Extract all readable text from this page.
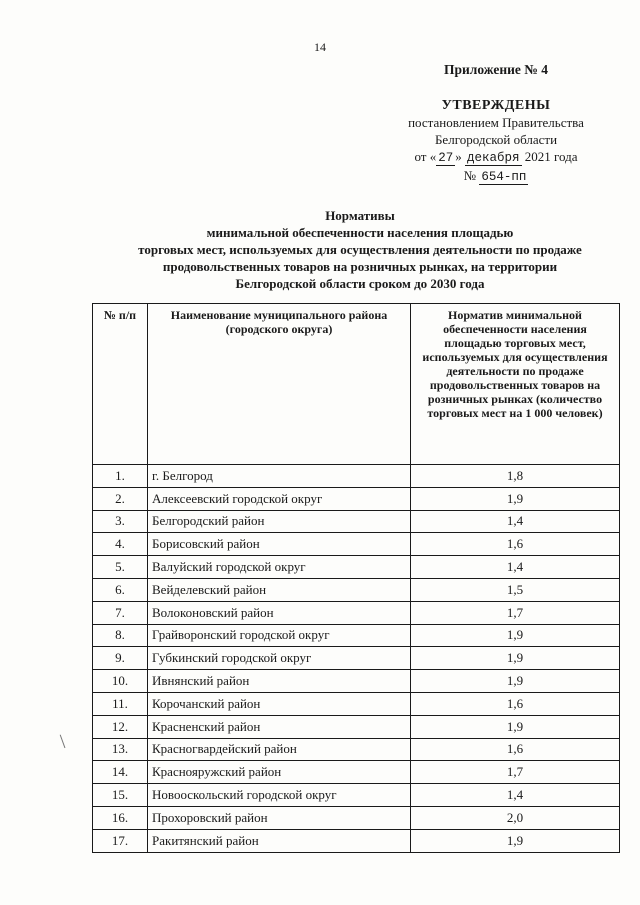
14
Приложение № 4
УТВЕРЖДЕНЫ
постановлением Правительства
Белгородской области
от « 27 » декабря 2021 года
№ 654-пп
Нормативы
минимальной обеспеченности населения площадью
торговых мест, используемых для осуществления деятельности по продаже
продовольственных товаров на розничных рынках, на территории
Белгородской области сроком до 2030 года
№ п/п	Наименование муниципального района (городского округа)	Норматив минимальной обеспеченности населения площадью торговых мест, используемых для осуществления деятельности по продаже продовольственных товаров на розничных рынках (количество торговых мест на 1 000 человек)
1.	г. Белгород	1,8
2.	Алексеевский городской округ	1,9
3.	Белгородский район	1,4
4.	Борисовский район	1,6
5.	Валуйский городской округ	1,4
6.	Вейделевский район	1,5
7.	Волоконовский район	1,7
8.	Грайворонский городской округ	1,9
9.	Губкинский городской округ	1,9
10.	Ивнянский район	1,9
11.	Корочанский район	1,6
12.	Красненский район	1,9
13.	Красногвардейский район	1,6
14.	Краснояружский район	1,7
15.	Новооскольский городской округ	1,4
16.	Прохоровский район	2,0
17.	Ракитянский район	1,9
